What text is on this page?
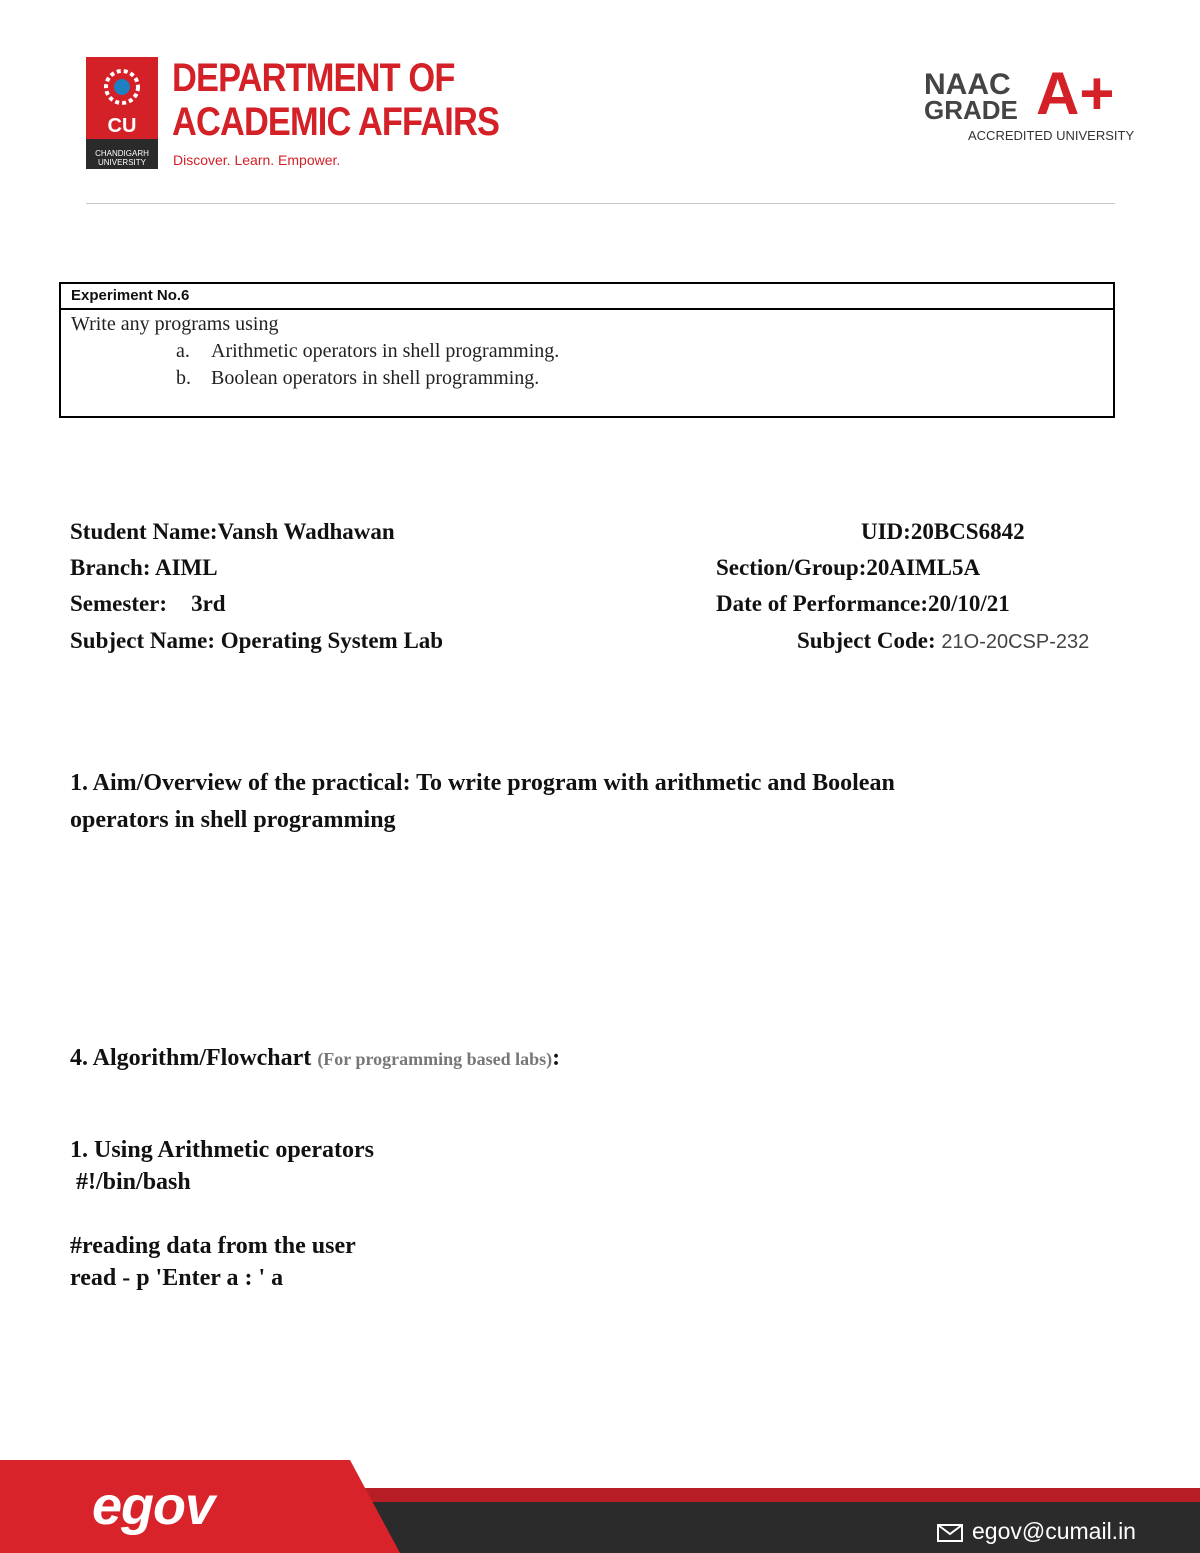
CU
CHANDIGARH UNIVERSITY
DEPARTMENT OF
ACADEMIC AFFAIRS
Discover. Learn. Empower.
NAAC
GRADE A+
ACCREDITED UNIVERSITY
Experiment No.6
Write any programs using
a. Arithmetic operators in shell programming.
b. Boolean operators in shell programming.
Student Name:Vansh Wadhawan	UID:20BCS6842
Branch: AIML	Section/Group:20AIML5A
Semester: 3rd	Date of Performance:20/10/21
Subject Name: Operating System Lab	Subject Code: 21O-20CSP-232
1. Aim/Overview of the practical: To write program with arithmetic and Boolean
operators in shell programming
4. Algorithm/Flowchart (For programming based labs):
1. Using Arithmetic operators
#!/bin/bash

#reading data from the user
read - p 'Enter a : ' a
egov	egov@cumail.in
